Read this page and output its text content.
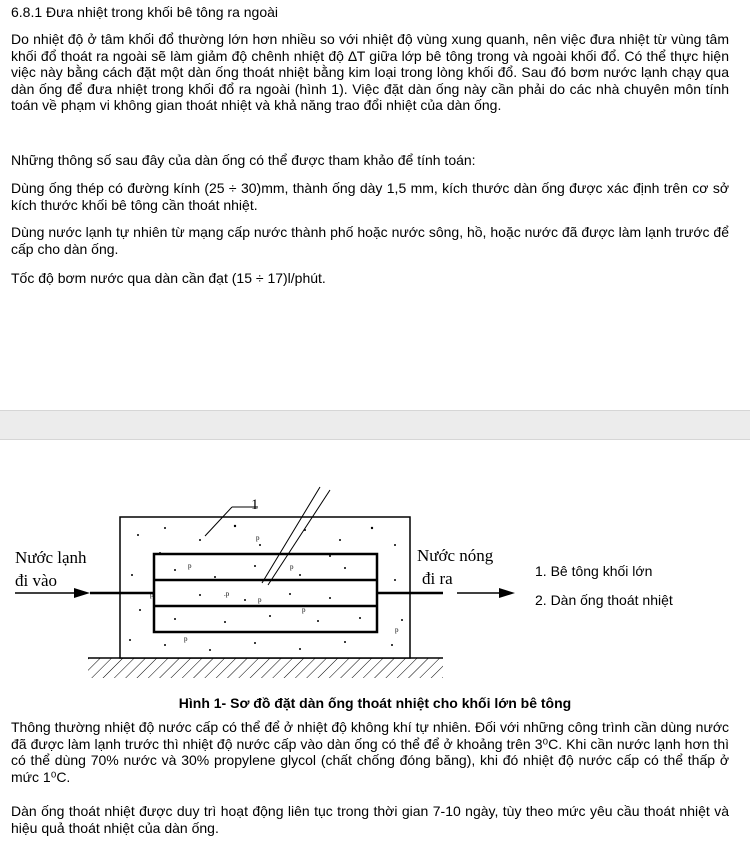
6.8.1 Đưa nhiệt trong khối bê tông ra ngoài

Do nhiệt độ ở tâm khối đổ thường lớn hơn nhiều so với nhiệt độ vùng xung quanh, nên việc đưa nhiệt từ vùng tâm khối đổ thoát ra ngoài sẽ làm giảm độ chênh nhiệt độ ∆T giữa lớp bê tông trong và ngoài khối đổ. Có thể thực hiện việc này bằng cách đặt một dàn ống thoát nhiệt bằng kim loại trong lòng khối đổ. Sau đó bơm nước lạnh chạy qua dàn ống để đưa nhiệt trong khối đổ ra ngoài (hình 1). Việc đặt dàn ống này cần phải do các nhà chuyên môn tính toán về phạm vi không gian thoát nhiệt và khả năng trao đổi nhiệt của dàn ống.

Những thông số sau đây của dàn ống có thể được tham khảo để tính toán:

Dùng ống thép có đường kính (25 ÷ 30)mm, thành ống dày 1,5 mm, kích thước dàn ống được xác định trên cơ sở kích thước khối bê tông cần thoát nhiệt.

Dùng nước lạnh tự nhiên từ mạng cấp nước thành phố hoặc nước sông, hồ, hoặc nước đã được làm lạnh trước để cấp cho dàn ống.

Tốc độ bơm nước qua dàn cần đạt (15 ÷ 17)l/phút.

p
p	p
.p
p
p
p
p
p
1
Nước lạnh
đi vào
Nước nóng
đi ra	1. Bê tông khối lớn
2. Dàn ống thoát nhiệt
Hình 1- Sơ đồ đặt dàn ống thoát nhiệt cho khối lớn bê tông

Thông thường nhiệt độ nước cấp có thể để ở nhiệt độ không khí tự nhiên. Đối với những công trình cần dùng nước đã được làm lạnh trước thì nhiệt độ nước cấp vào dàn ống có thể để ở khoảng trên 3⁰C. Khi cần nước lạnh hơn thì có thể dùng 70% nước và 30% propylene glycol (chất chống đóng băng), khi đó nhiệt độ nước cấp có thể thấp ở mức 1⁰C.

Dàn ống thoát nhiệt được duy trì hoạt động liên tục trong thời gian 7-10 ngày, tùy theo mức yêu cầu thoát nhiệt và hiệu quả thoát nhiệt của dàn ống.
